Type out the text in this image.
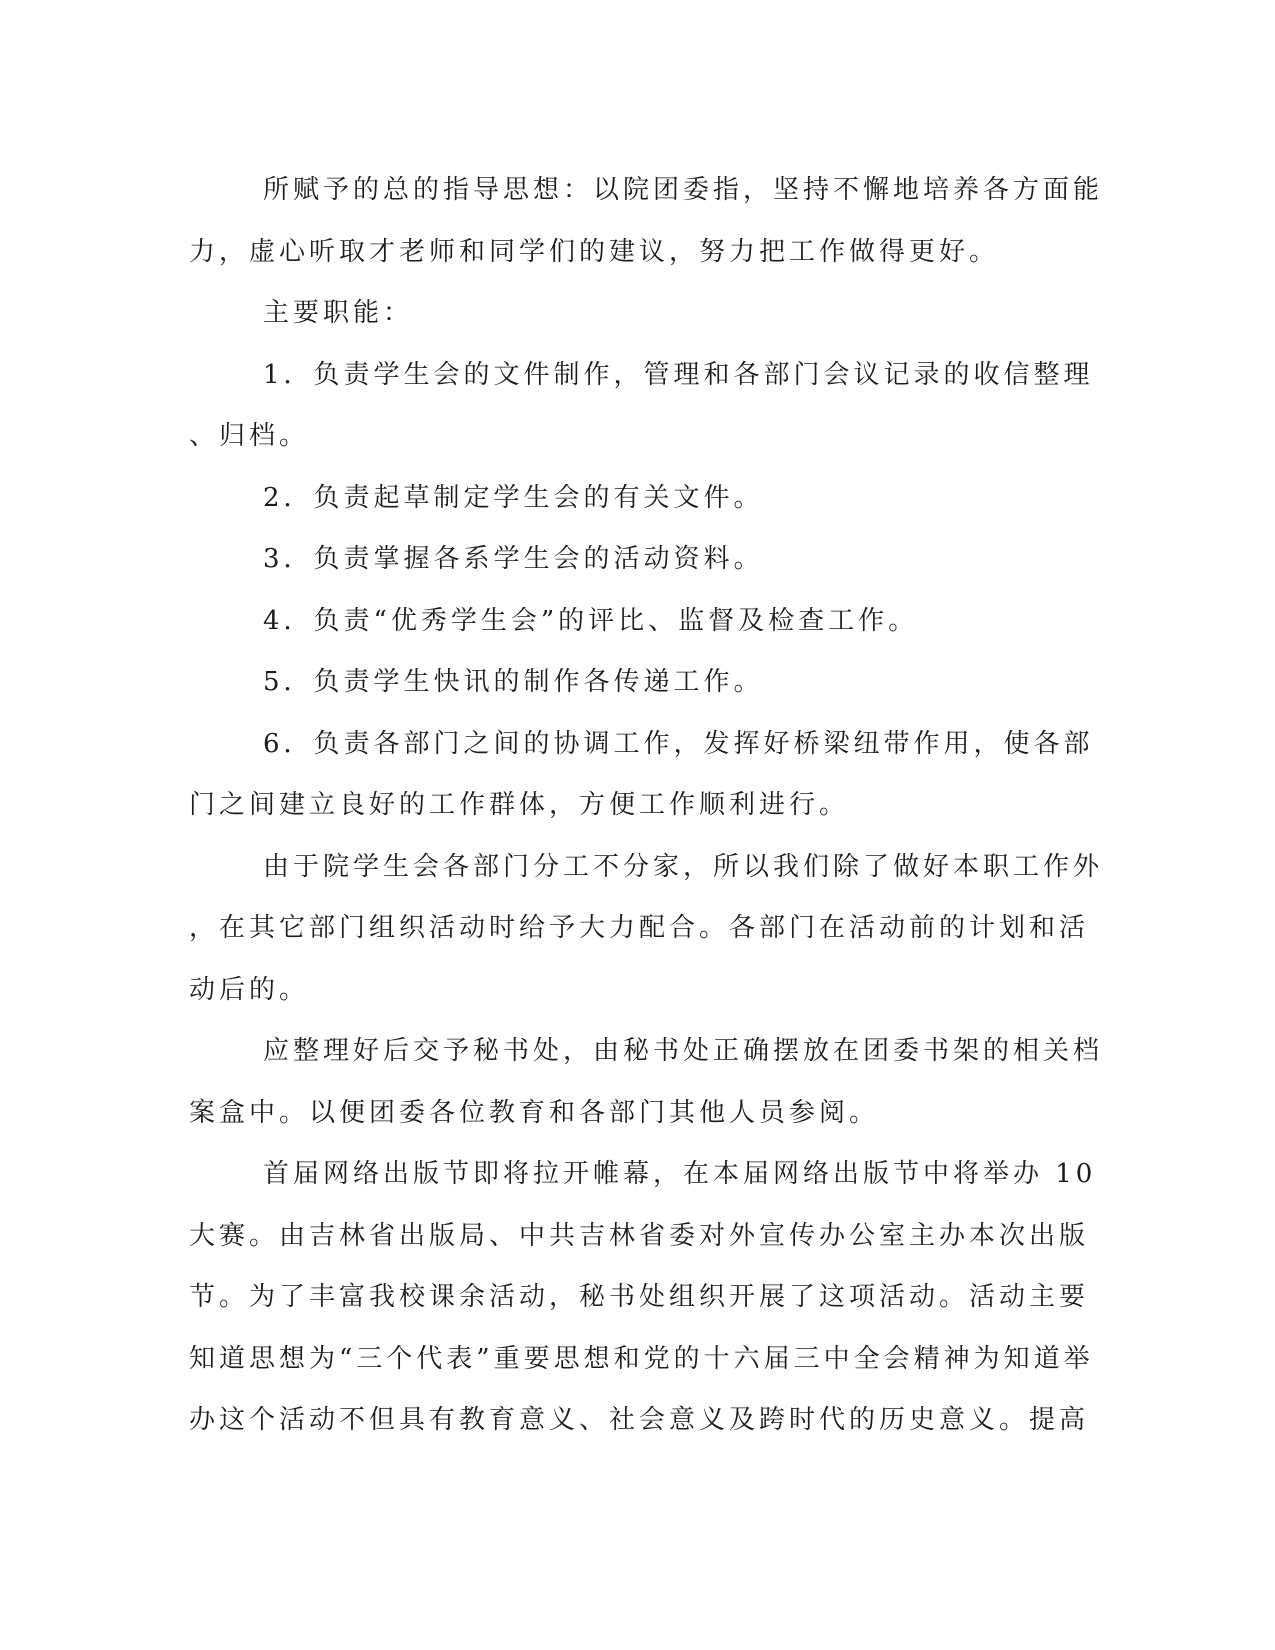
所赋予的总的指导思想：以院团委指，坚持不懈地培养各方面能
力，虚心听取才老师和同学们的建议，努力把工作做得更好。
主要职能：
1．负责学生会的文件制作，管理和各部门会议记录的收信整理
、归档。
2．负责起草制定学生会的有关文件。
3．负责掌握各系学生会的活动资料。
4．负责“优秀学生会”的评比、监督及检查工作。
5．负责学生快讯的制作各传递工作。
6．负责各部门之间的协调工作，发挥好桥梁纽带作用，使各部
门之间建立良好的工作群体，方便工作顺利进行。
由于院学生会各部门分工不分家，所以我们除了做好本职工作外
，在其它部门组织活动时给予大力配合。各部门在活动前的计划和活
动后的。
应整理好后交予秘书处，由秘书处正确摆放在团委书架的相关档
案盒中。以便团委各位教育和各部门其他人员参阅。
首届网络出版节即将拉开帷幕，在本届网络出版节中将举办 10
大赛。由吉林省出版局、中共吉林省委对外宣传办公室主办本次出版
节。为了丰富我校课余活动，秘书处组织开展了这项活动。活动主要
知道思想为“三个代表”重要思想和党的十六届三中全会精神为知道举
办这个活动不但具有教育意义、社会意义及跨时代的历史意义。提高
